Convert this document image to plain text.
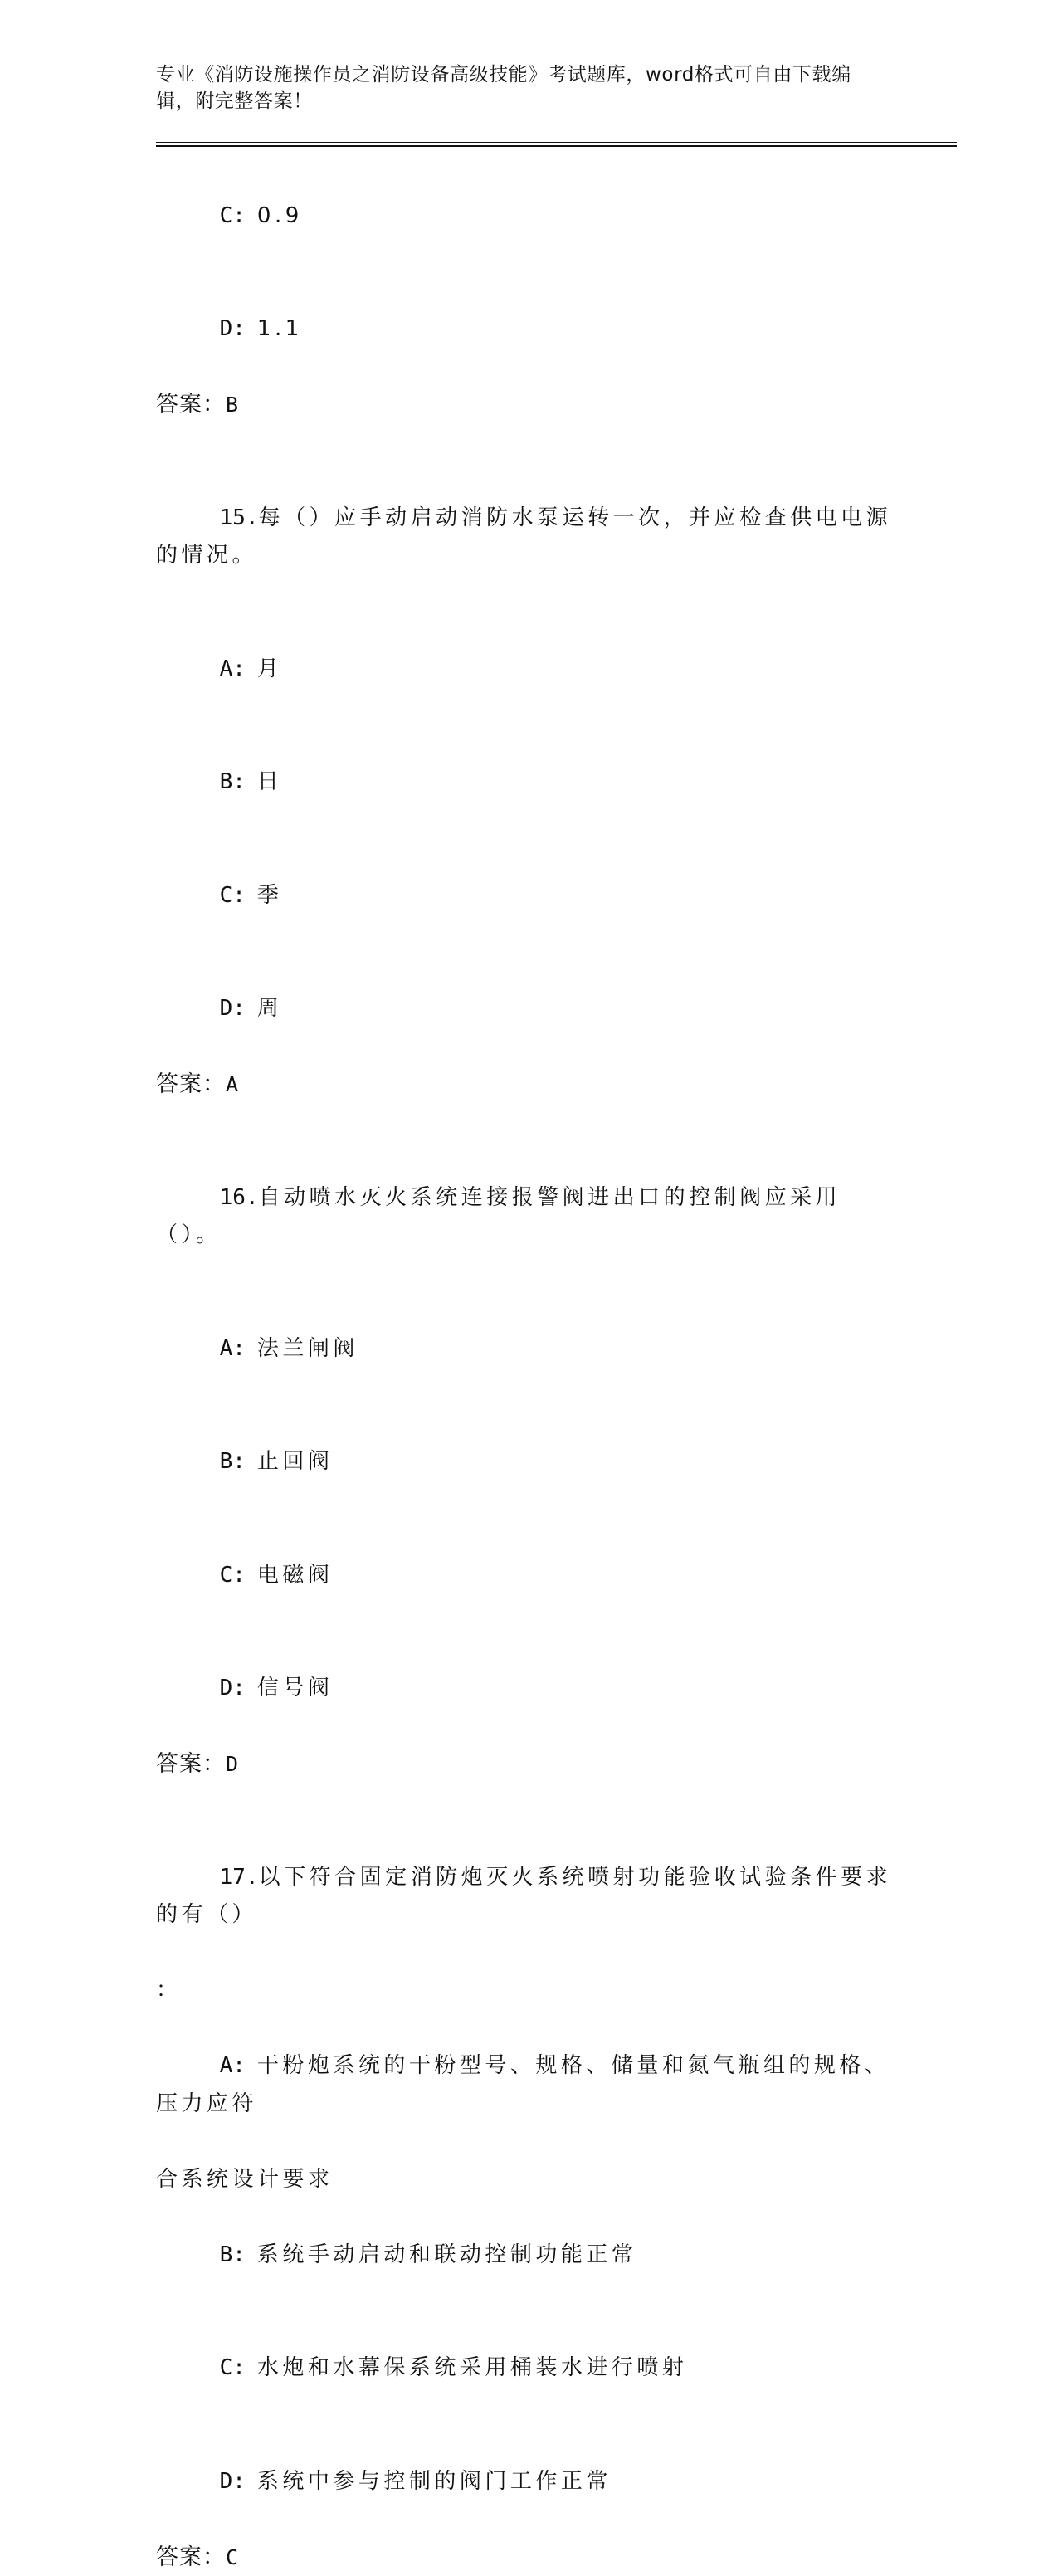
专业《消防设施操作员之消防设备高级技能》考试题库，word格式可自由下载编
辑，附完整答案！

C: 0.9

D: 1.1

答案：B

15.每（）应手动启动消防水泵运转一次，并应检查供电电源的情况。

A: 月

B: 日

C: 季

D: 周

答案：A

16.自动喷水灭火系统连接报警阀进出口的控制阀应采用（）。

A: 法兰闸阀

B: 止回阀

C: 电磁阀

D: 信号阀

答案：D

17.以下符合固定消防炮灭火系统喷射功能验收试验条件要求的有（）

：

A: 干粉炮系统的干粉型号、规格、储量和氮气瓶组的规格、压力应符

合系统设计要求

B: 系统手动启动和联动控制功能正常

C: 水炮和水幕保系统采用桶装水进行喷射

D: 系统中参与控制的阀门工作正常

答案：C
